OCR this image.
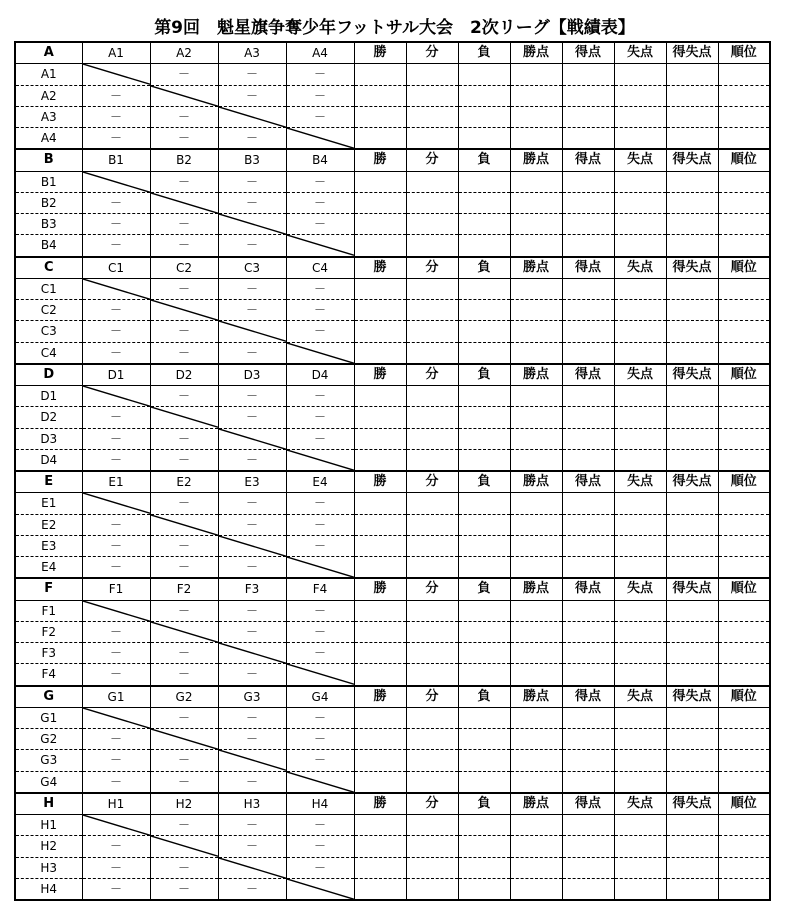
第9回　魁星旗争奪少年フットサル大会　2次リーグ【戦績表】
A	A1	A2	A3	A4	勝	分	負	勝点	得点	失点	得失点	順位
A1		－	－	－								
A2	－		－	－								
A3	－	－		－								
A4	－	－	－	

B	B1	B2	B3	B4	勝	分	負	勝点	得点	失点	得失点	順位
B1		－	－	－								
B2	－		－	－								
B3	－	－		－								
B4	－	－	－	

C	C1	C2	C3	C4	勝	分	負	勝点	得点	失点	得失点	順位
C1		－	－	－								
C2	－		－	－								
C3	－	－		－								
C4	－	－	－	

D	D1	D2	D3	D4	勝	分	負	勝点	得点	失点	得失点	順位
D1		－	－	－								
D2	－		－	－								
D3	－	－		－								
D4	－	－	－	

E	E1	E2	E3	E4	勝	分	負	勝点	得点	失点	得失点	順位
E1		－	－	－								
E2	－		－	－								
E3	－	－		－								
E4	－	－	－	

F	F1	F2	F3	F4	勝	分	負	勝点	得点	失点	得失点	順位
F1		－	－	－								
F2	－		－	－								
F3	－	－		－								
F4	－	－	－	

G	G1	G2	G3	G4	勝	分	負	勝点	得点	失点	得失点	順位
G1		－	－	－								
G2	－		－	－								
G3	－	－		－								
G4	－	－	－	

H	H1	H2	H3	H4	勝	分	負	勝点	得点	失点	得失点	順位
H1		－	－	－								
H2	－		－	－								
H3	－	－		－								
H4	－	－	－	
